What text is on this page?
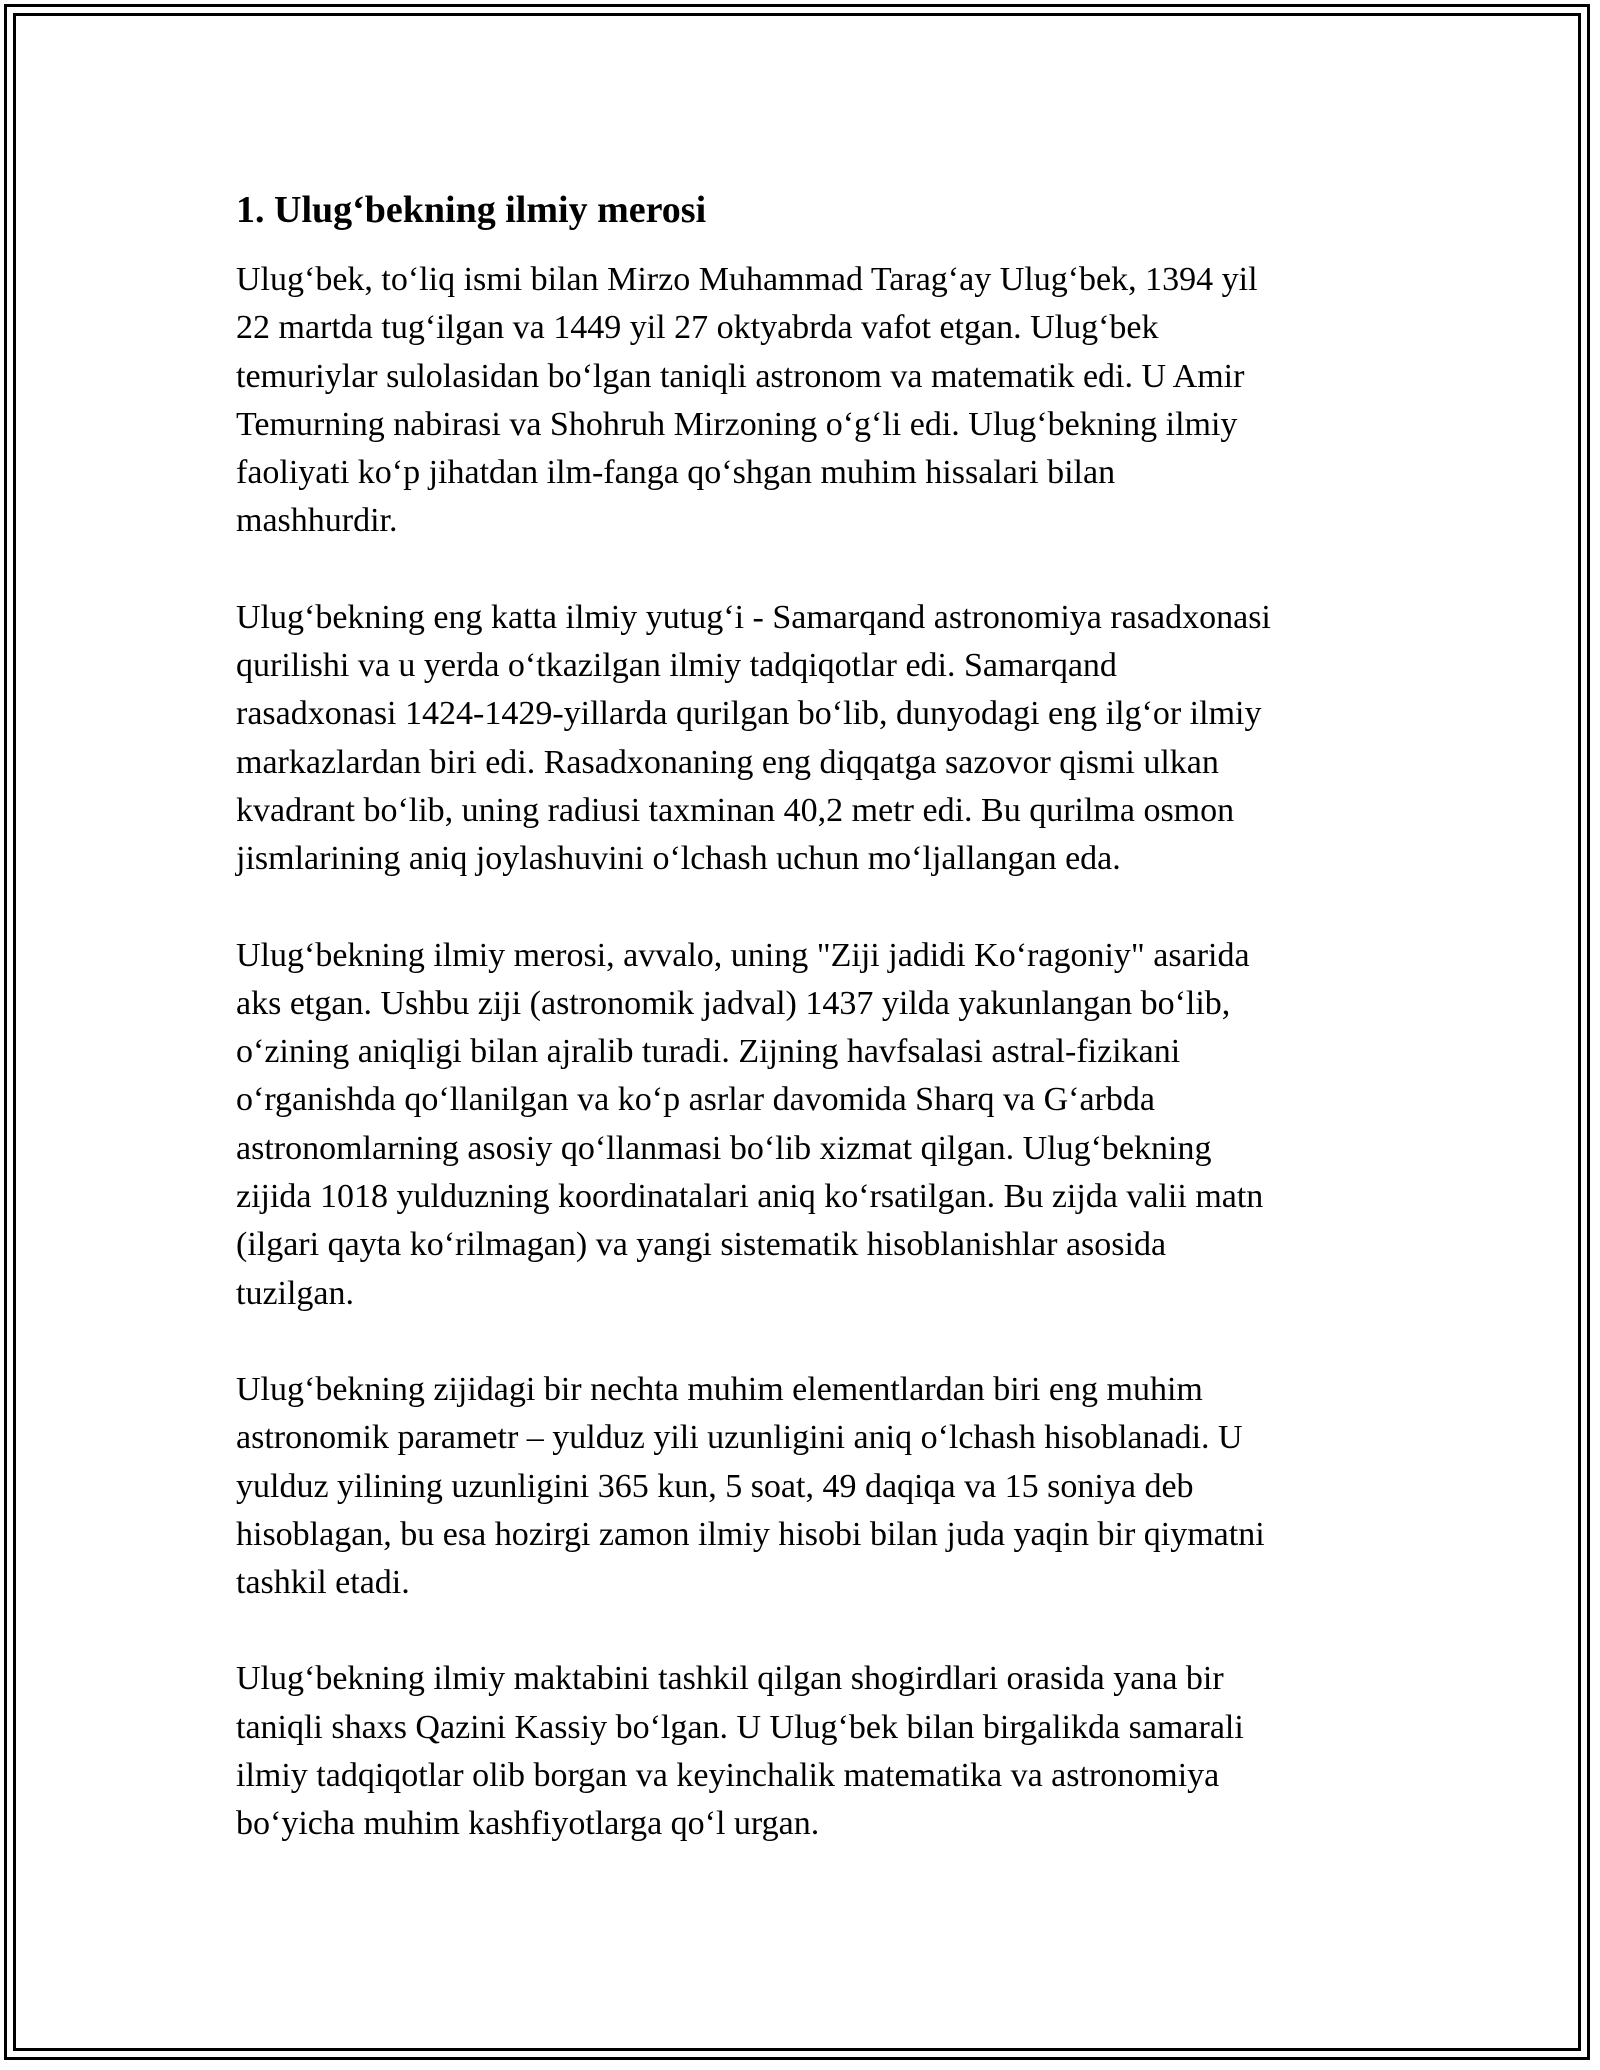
1. Ulug‘bekning ilmiy merosi

Ulug‘bek, to‘liq ismi bilan Mirzo Muhammad Tarag‘ay Ulug‘bek, 1394 yil
22 martda tug‘ilgan va 1449 yil 27 oktyabrda vafot etgan. Ulug‘bek
temuriylar sulolasidan bo‘lgan taniqli astronom va matematik edi. U Amir
Temurning nabirasi va Shohruh Mirzoning o‘g‘li edi. Ulug‘bekning ilmiy
faoliyati ko‘p jihatdan ilm-fanga qo‘shgan muhim hissalari bilan
mashhurdir.

Ulug‘bekning eng katta ilmiy yutug‘i - Samarqand astronomiya rasadxonasi
qurilishi va u yerda o‘tkazilgan ilmiy tadqiqotlar edi. Samarqand
rasadxonasi 1424-1429-yillarda qurilgan bo‘lib, dunyodagi eng ilg‘or ilmiy
markazlardan biri edi. Rasadxonaning eng diqqatga sazovor qismi ulkan
kvadrant bo‘lib, uning radiusi taxminan 40,2 metr edi. Bu qurilma osmon
jismlarining aniq joylashuvini o‘lchash uchun mo‘ljallangan eda.

Ulug‘bekning ilmiy merosi, avvalo, uning "Ziji jadidi Ko‘ragoniy" asarida
aks etgan. Ushbu ziji (astronomik jadval) 1437 yilda yakunlangan bo‘lib,
o‘zining aniqligi bilan ajralib turadi. Zijning havfsalasi astral-fizikani
o‘rganishda qo‘llanilgan va ko‘p asrlar davomida Sharq va G‘arbda
astronomlarning asosiy qo‘llanmasi bo‘lib xizmat qilgan. Ulug‘bekning
zijida 1018 yulduzning koordinatalari aniq ko‘rsatilgan. Bu zijda valii matn
(ilgari qayta ko‘rilmagan) va yangi sistematik hisoblanishlar asosida
tuzilgan.

Ulug‘bekning zijidagi bir nechta muhim elementlardan biri eng muhim
astronomik parametr – yulduz yili uzunligini aniq o‘lchash hisoblanadi. U
yulduz yilining uzunligini 365 kun, 5 soat, 49 daqiqa va 15 soniya deb
hisoblagan, bu esa hozirgi zamon ilmiy hisobi bilan juda yaqin bir qiymatni
tashkil etadi.

Ulug‘bekning ilmiy maktabini tashkil qilgan shogirdlari orasida yana bir
taniqli shaxs Qazini Kassiy bo‘lgan. U Ulug‘bek bilan birgalikda samarali
ilmiy tadqiqotlar olib borgan va keyinchalik matematika va astronomiya
bo‘yicha muhim kashfiyotlarga qo‘l urgan.
